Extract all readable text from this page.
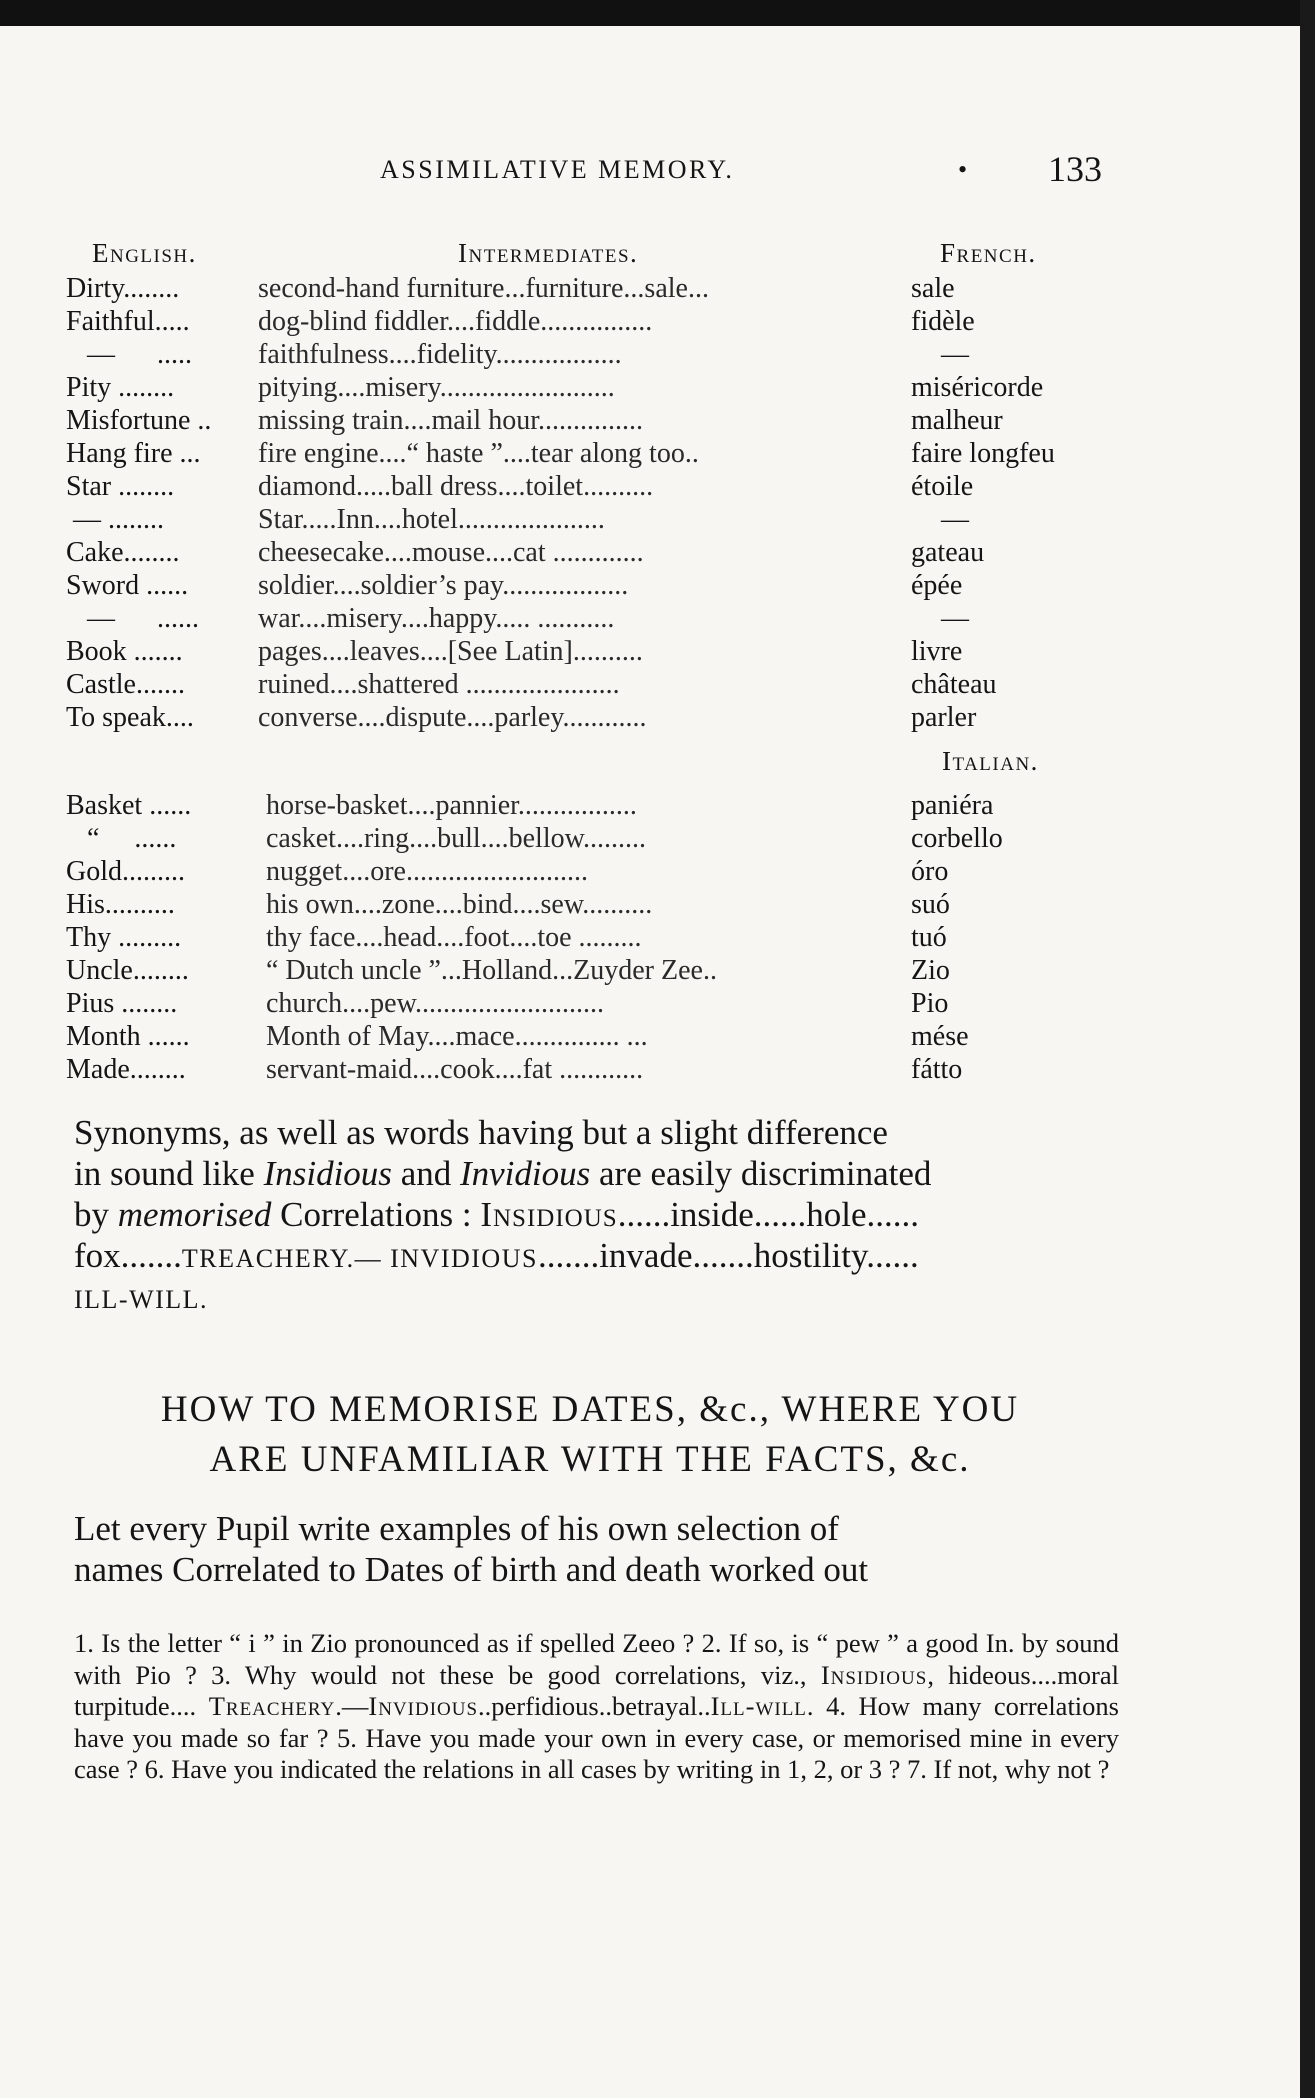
ASSIMILATIVE MEMORY.	• 133
English.	Intermediates.	French.
Dirty........	second-hand furniture...furniture...sale...	sale
Faithful..... dog-blind fiddler....fiddle................	fidèle
—      ..... faithfulness....fidelity..................	—
Pity ........	pitying....misery.........................	miséricorde
Misfortune .. missing train....mail hour...............	malheur
Hang fire ... fire engine....“ haste ”....tear along too..	faire longfeu
Star ........	diamond.....ball dress....toilet..........	étoile
— ........	Star.....Inn....hotel.....................	—
Cake........	cheesecake....mouse....cat .............	gateau
Sword ...... soldier....soldier’s pay..................	épée
—      ...... war....misery....happy..... ...........	—
Book .......	pages....leaves....[See Latin]..........	livre
Castle.......	ruined....shattered ......................	château
To speak.... converse....dispute....parley............	parler
Italian.
Basket ......	horse-basket....pannier.................	paniéra
“     ......	casket....ring....bull....bellow.........	corbello
Gold.........	nugget....ore..........................	óro
His..........	his own....zone....bind....sew..........	suó
Thy .........	thy face....head....foot....toe .........	tuó
Uncle........	“ Dutch uncle ”...Holland...Zuyder Zee..	Zio
Pius ........	church....pew...........................	Pio
Month ......	Month of May....mace............... ...	mése
Made........	servant-maid....cook....fat ............	fátto
Synonyms, as well as words having but a slight difference
in sound like Insidious and Invidious are easily discriminated
by memorised Correlations : Insidious......inside......hole......
fox.......TREACHERY.— INVIDIOUS.......invade.......hostility......
ILL-WILL.
HOW TO MEMORISE DATES, &c., WHERE YOU
ARE UNFAMILIAR WITH THE FACTS, &c.
Let every Pupil write examples of his own selection of
names Correlated to Dates of birth and death worked out
1. Is the letter “ i ” in Zio pronounced as if spelled Zeeo ? 2. If so, is “ pew ” a good In. by sound with Pio ? 3. Why would not these be good correlations, viz., Insidious, hideous....moral turpitude.... Treachery.—Invidious..perfidious..betrayal..Ill-will. 4. How many correlations have you made so far ? 5. Have you made your own in every case, or memorised mine in every case ? 6. Have you indicated the relations in all cases by writing in 1, 2, or 3 ? 7. If not, why not ?
